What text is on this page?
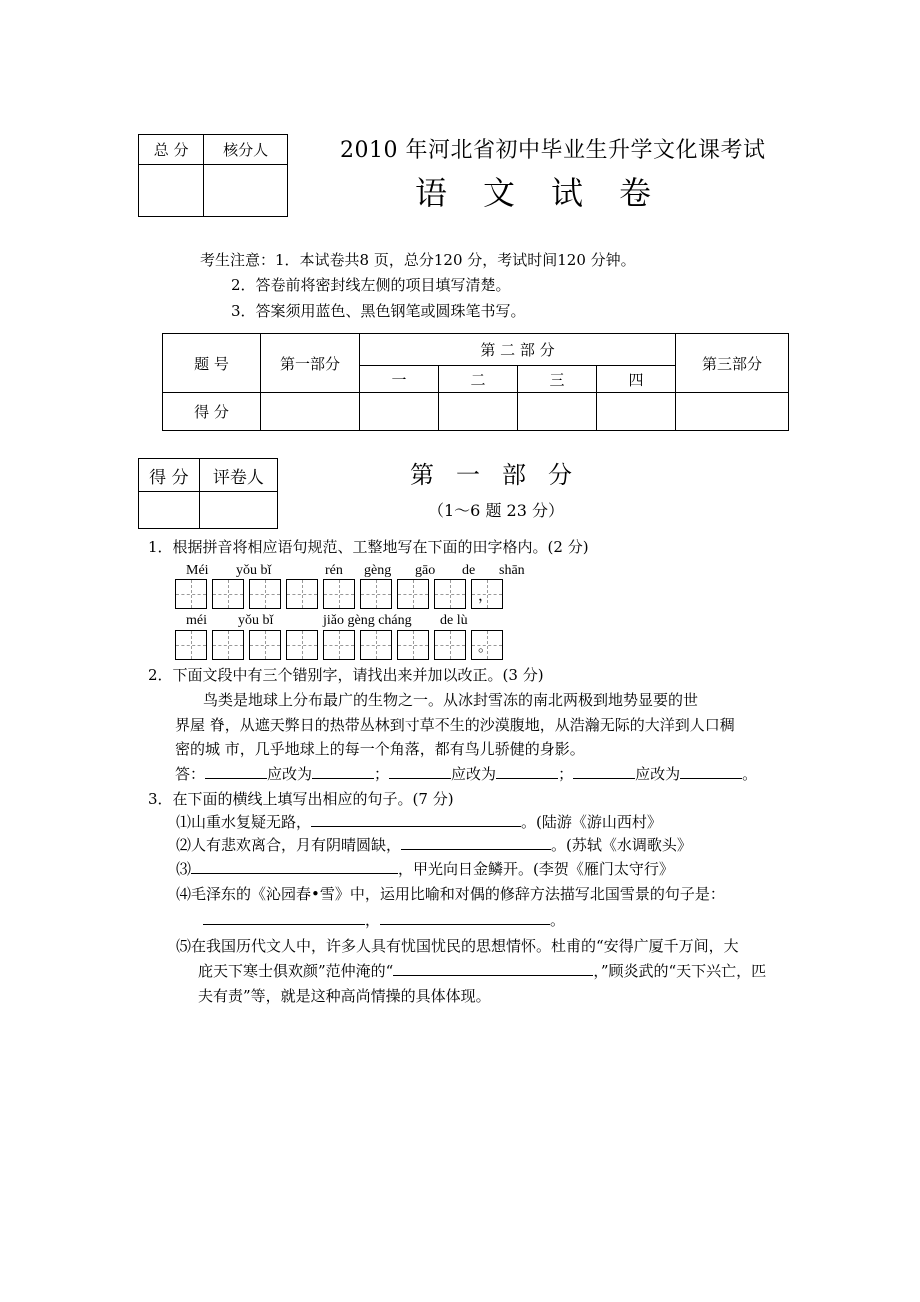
总 分	核分人
		2010 年河北省初中毕业生升学文化课考试
语文试卷
考生注意：1．本试卷共8 页，总分120 分，考试时间120 分钟。
2．答卷前将密封线左侧的项目填写清楚。
3．答案须用蓝色、黑色钢笔或圆珠笔书写。
题 号	第一部分	第 二 部 分				第三部分
		一	二	三	四	
得 分						
得 分	评卷人
		第一部分
（1～6 题 23 分）
1．根据拼音将相应语句规范、工整地写在下面的田字格内。(2 分)
Méi yǒu bǐ	rén gèng gāo de shān
，
méi yǒu bǐ	jiǎo gèng cháng de lù
。
2．下面文段中有三个错别字，请找出来并加以改正。(3 分)
鸟类是地球上分布最广的生物之一。从冰封雪冻的南北两极到地势显要的世
界屋 脊，从遮天弊日的热带丛林到寸草不生的沙漠腹地，从浩瀚无际的大洋到人口稠
密的城 市，几乎地球上的每一个角落，都有鸟儿骄健的身影。
答：	应改为	；	应改为	；	应改为	。
3．在下面的横线上填写出相应的句子。(7 分)
⑴山重水复疑无路，	。(陆游《游山西村》
⑵人有悲欢离合，月有阴晴圆缺，	。(苏轼《水调歌头》
⑶	，甲光向日金鳞开。(李贺《雁门太守行》
⑷毛泽东的《沁园春•雪》中，运用比喻和对偶的修辞方法描写北国雪景的句子是：
，	。
⑸在我国历代文人中，许多人具有忧国忧民的思想情怀。杜甫的“安得广厦千万间，大
庇天下寒士俱欢颜”范仲淹的“	，”顾炎武的“天下兴亡，匹
夫有责”等，就是这种高尚情操的具体体现。
